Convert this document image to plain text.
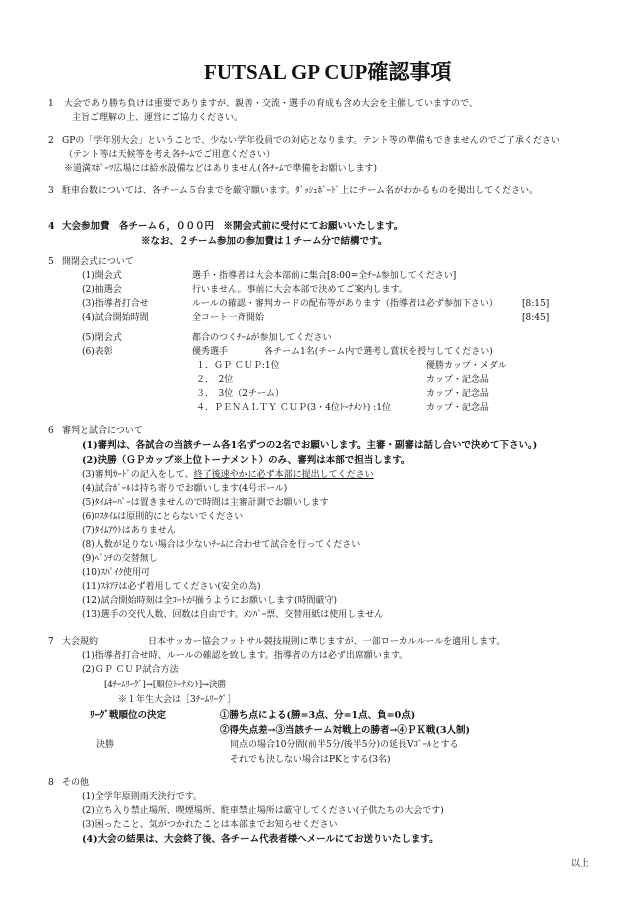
FUTSAL GP CUP確認事項
1 大会であり勝ち負けは重要でありますが、親善・交流・選手の育成も含め大会を主催していますので、
主旨ご理解の上、運営にご協力ください。
2 GPの「学年別大会」ということで、少ない学年役員での対応となります。テント等の準備もできませんのでご了承ください
（テント等は天候等を考え各ﾁｰﾑでご用意ください）
※道満ｽﾎﾟｰﾂ広場には給水設備などはありません(各ﾁｰﾑで準備をお願いします)
3 駐車台数については、各チーム５台までを厳守願います。ﾀﾞｯｼｭﾎﾞｰﾄﾞ上にチーム名がわかるものを掲出してください。
4 大会参加費　各チーム６，０００円　※開会式前に受付にてお願いいたします。
※なお、２チーム参加の参加費は１チーム分で結構です。
5 開閉会式について
(1)開会式	選手・指導者は大会本部前に集合[8:00=全ﾁｰﾑ参加してください]
(2)抽選会	行いません。事前に大会本部で決めてご案内します。
(3)指導者打合せ	ルールの確認・審判カードの配布等があります（指導者は必ず参加下さい）	[8:15]
(4)試合開始時間	全コート一斉開始	[8:45]
(5)閉会式	都合のつくﾁｰﾑが参加してください
(6)表彰	優秀選手　　　　各チーム1名(チーム内で選考し賞状を授与してください)
１．ＧＰ ＣＵＰ:1位	優勝カップ・メダル
２．　2位	カップ・記念品
３．　3位（2チーム）	カップ・記念品
４．ＰＥＮＡＬＴＹ ＣＵＰ(3・4位ﾄｰﾅﾒﾝﾄ) :1位	カップ・記念品
6 審判と試合について
(1)審判は、各試合の当該チーム各1名ずつの2名でお願いします。主審・副審は話し合いで決めて下さい。)
(2)決勝（ＧＰカップ※上位トーナメント）のみ、審判は本部で担当します。
(3)審判ｶｰﾄﾞの記入をして、終了後速やかに必ず本部に提出してください
(4)試合ﾎﾞｰﾙは持ち寄りでお願いします(4号ボール)
(5)ﾀｲﾑｷｰﾊﾟｰは置きませんので時間は主審計測でお願いします
(6)ﾛｽﾀｲﾑは原則的にとらないでください
(7)ﾀｲﾑｱｳﾄはありません
(8)人数が足りない場合は少ないﾁｰﾑに合わせて試合を行ってください
(9)ﾍﾟﾝﾁの交替無し
(10)ｽﾊﾟｲｸ使用可
(11)ｽﾈｱﾃは必ず着用してください(安全の為)
(12)試合開始時刻は全ｺｰﾄが揃うようにお願いします(時間厳守)
(13)選手の交代人数、回数は自由です。ﾒﾝﾊﾞｰ票、交替用紙は使用しません
7 大会規約	日本サッカー協会フットサル競技規則に準じますが、一部ローカルルールを適用します。
(1)指導者打合せ時、ルールの確認を致します。指導者の方は必ず出席願います。
(2)ＧＰ ＣＵＰ試合方法
[4ﾁｰﾑﾘｰｸﾞ]→[順位ﾄｰﾅﾒﾝﾄ]→決勝
※１年生大会は［3ﾁｰﾑﾘｰｸﾞ］
ﾘｰｸﾞ戦順位の決定	①勝ち点による(勝=3点、分=1点、負=0点)
②得失点差→③当該チーム対戦上の勝者→④ＰＫ戦(3人制)
決勝	同点の場合10分間(前半5分/後半5分)の延長Vｺﾞｰﾙとする
それでも決しない場合はPKとする(3名)
8 その他
(1)全学年原則雨天決行です。
(2)立ち入り禁止場所、喫煙場所、駐車禁止場所は厳守してください(子供たちの大会です)
(3)困ったこと、気がつかれたことは本部までお知らせください
(4)大会の結果は、大会終了後、各チーム代表者様へメールにてお送りいたします。
以上
